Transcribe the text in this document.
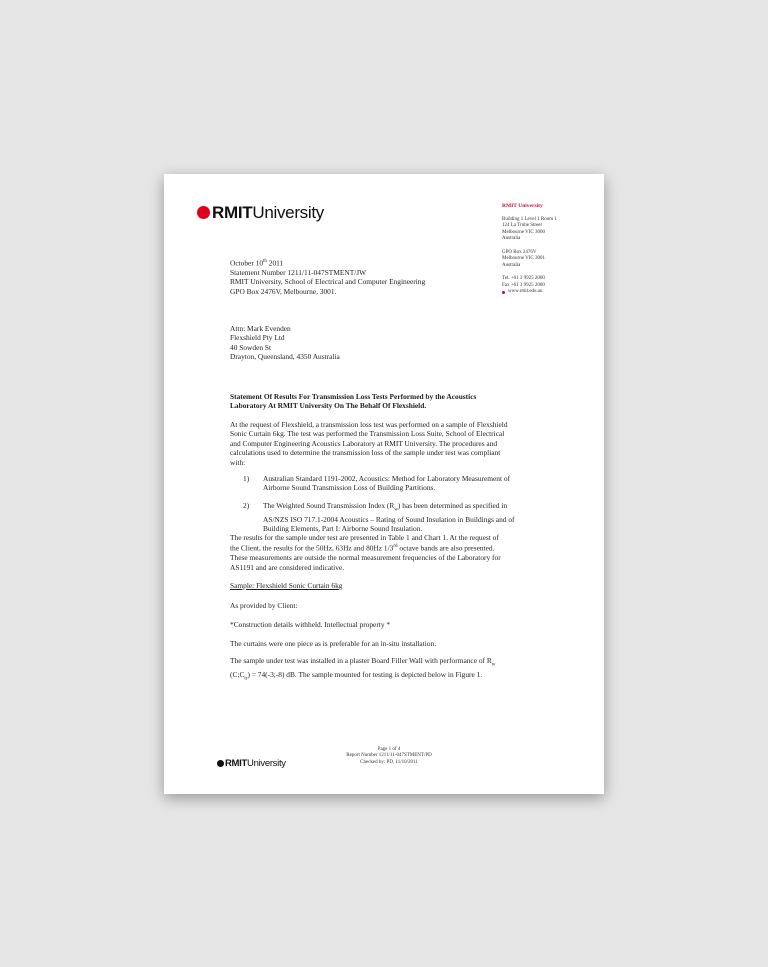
RMITUniversity	RMIT University
Building 1 Level 1 Room 1
124 La Trobe Street
Melbourne VIC 3000
Australia
GPO Box 2476V
Melbourne VIC 3001
Australia
Tel. +61 3 9925 2000
Fax +61 3 9925 2000
www.rmit.edu.au
October 10th 2011
Statement Number 1211/11-047STMENT/JW
RMIT University, School of Electrical and Computer Engineering
GPO Box 2476V, Melbourne, 3001.
Attn: Mark Evenden
Flexshield Pty Ltd
40 Sowden St
Drayton, Queensland, 4350 Australia
Statement Of Results For Transmission Loss Tests Performed by the Acoustics
Laboratory At RMIT University On The Behalf Of Flexshield.
At the request of Flexshield, a transmission loss test was performed on a sample of Flexshield
Sonic Curtain 6kg. The test was performed the Transmission Loss Suite, School of Electrical
and Computer Engineering Acoustics Laboratory at RMIT University. The procedures and
calculations used to determine the transmission loss of the sample under test was compliant
with:
1)	Australian Standard 1191-2002, Acoustics: Method for Laboratory Measurement of
Airborne Sound Transmission Loss of Building Partitions.
2)	The Weighted Sound Transmission Index $(R_w)$ has been determined as specified in
AS/NZS ISO 717.1-2004 Acoustics – Rating of Sound Insulation in Buildings and of
Building Elements, Part I: Airborne Sound Insulation.
The results for the sample under test are presented in Table 1 and Chart 1. At the request of
the Client, the results for the 50Hz, 63Hz and 80Hz 1/3rd octave bands are also presented.
These measurements are outside the normal measurement frequencies of the Laboratory for
AS1191 and are considered indicative.
Sample: Flexshield Sonic Curtain 6kg
As provided by Client:
*Construction details withheld. Intellectual property *
The curtains were one piece as is preferable for an in-situ installation.
The sample under test was installed in a plaster Board Filler Wall with performance of $R_w$
$(C;C_{tr})$ = 74(-3;-8) dB. The sample mounted for testing is depicted below in Figure 1.
RMITUniversity
Page 1 of 4
Report Number 1211/11-047STMENT/PD
Checked by: PD, 11/10/2011
